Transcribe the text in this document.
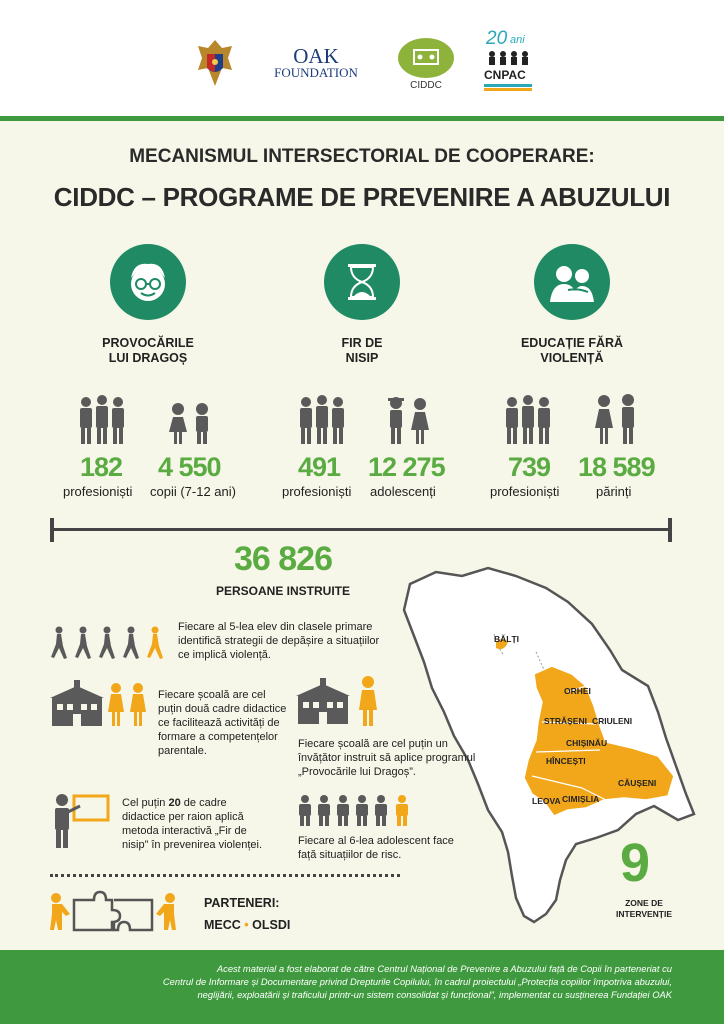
OAK
FOUNDATION
CIDDC
20 ani
CNPAC
MECANISMUL INTERSECTORIAL DE COOPERARE:
CIDDC – PROGRAME DE PREVENIRE A ABUZULUI
PROVOCĂRILE
LUI DRAGOȘ
FIR DE
NISIP
EDUCAȚIE FĂRĂ
VIOLENȚĂ
182
profesioniști
4 550
copii (7-12 ani)
491
profesioniști
12 275
adolescenți
739
profesioniști
18 589
părinți
36 826
PERSOANE INSTRUITE
BĂLȚI
ORHEI
STRĂȘENI CRIULENI
CHIȘINĂU
HÎNCEȘTI
CĂUȘENI
LEOVA CIMIȘLIA
9
ZONE DE
INTERVENȚIE
Fiecare al 5-lea elev din clasele primare identifică strategii de depășire a situațiilor ce implică violență.
Fiecare școală are cel puțin două cadre didactice ce facilitează activități de formare a competențelor parentale.
Fiecare școală are cel puțin un învățător instruit să aplice programul „Provocările lui Dragoș”.
Cel puțin 20 de cadre didactice per raion aplică metoda interactivă „Fir de nisip” în prevenirea violenței.	Fiecare al 6-lea adolescent face față situațiilor de risc.
PARTENERI:
MECC • OLSDI
Acest material a fost elaborat de către Centrul Național de Prevenire a Abuzului față de Copii în parteneriat cu
Centrul de Informare și Documentare privind Drepturile Copilului, în cadrul proiectului „Protecția copiilor împotriva abuzului,
neglijării, exploatării și traficului printr-un sistem consolidat și funcțional”, implementat cu susținerea Fundației OAK
